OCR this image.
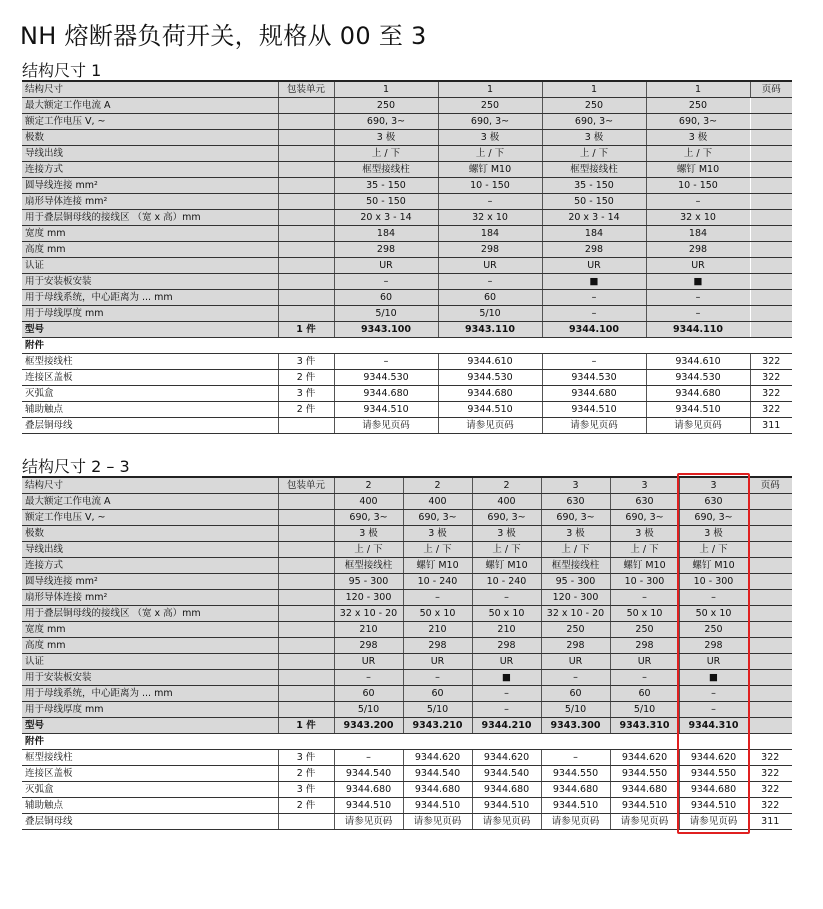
NH 熔断器负荷开关，规格从 00 至 3
结构尺寸 1
结构尺寸	包装单元	1	1	1	1	页码
最大额定工作电流 A		250	250	250	250	
额定工作电压 V, ~		690, 3~	690, 3~	690, 3~	690, 3~	
极数		3 极	3 极	3 极	3 极	
导线出线		上 / 下	上 / 下	上 / 下	上 / 下	
连接方式		框型接线柱	螺钉 M10	框型接线柱	螺钉 M10	
圆导线连接 mm²		35 - 150	10 - 150	35 - 150	10 - 150	
扇形导体连接 mm²		50 - 150	–	50 - 150	–	
用于叠层铜母线的接线区 （宽 x 高）mm		20 x 3 - 14	32 x 10	20 x 3 - 14	32 x 10	
宽度 mm		184	184	184	184	
高度 mm		298	298	298	298	
认证		UR	UR	UR	UR	
用于安装板安装		–	–	■	■	
用于母线系统，中心距离为 ... mm		60	60	–	–	
用于母线厚度 mm		5/10	5/10	–	–	
型号	1 件	9343.100	9343.110	9344.100	9344.110	
附件						
框型接线柱	3 件	–	9344.610	–	9344.610	322
连接区盖板	2 件	9344.530	9344.530	9344.530	9344.530	322
灭弧盒	3 件	9344.680	9344.680	9344.680	9344.680	322
辅助触点	2 件	9344.510	9344.510	9344.510	9344.510	322
叠层铜母线		请参见页码	请参见页码	请参见页码	请参见页码	311
结构尺寸 2 – 3
结构尺寸	包装单元	2	2	2	3	3	3	页码
最大额定工作电流 A		400	400	400	630	630	630	
额定工作电压 V, ~		690, 3~	690, 3~	690, 3~	690, 3~	690, 3~	690, 3~	
极数		3 极	3 极	3 极	3 极	3 极	3 极	
导线出线		上 / 下	上 / 下	上 / 下	上 / 下	上 / 下	上 / 下	
连接方式		框型接线柱	螺钉 M10	螺钉 M10	框型接线柱	螺钉 M10	螺钉 M10	
圆导线连接 mm²		95 - 300	10 - 240	10 - 240	95 - 300	10 - 300	10 - 300	
扇形导体连接 mm²		120 - 300	–	–	120 - 300	–	–	
用于叠层铜母线的接线区 （宽 x 高）mm		32 x 10 - 20	50 x 10	50 x 10	32 x 10 - 20	50 x 10	50 x 10	
宽度 mm		210	210	210	250	250	250	
高度 mm		298	298	298	298	298	298	
认证		UR	UR	UR	UR	UR	UR	
用于安装板安装		–	–	■	–	–	■	
用于母线系统，中心距离为 ... mm		60	60	–	60	60	–	
用于母线厚度 mm		5/10	5/10	–	5/10	5/10	–	
型号	1 件	9343.200	9343.210	9344.210	9343.300	9343.310	9344.310	
附件								
框型接线柱	3 件	–	9344.620	9344.620	–	9344.620	9344.620	322
连接区盖板	2 件	9344.540	9344.540	9344.540	9344.550	9344.550	9344.550	322
灭弧盒	3 件	9344.680	9344.680	9344.680	9344.680	9344.680	9344.680	322
辅助触点	2 件	9344.510	9344.510	9344.510	9344.510	9344.510	9344.510	322
叠层铜母线		请参见页码	请参见页码	请参见页码	请参见页码	请参见页码	请参见页码	311
